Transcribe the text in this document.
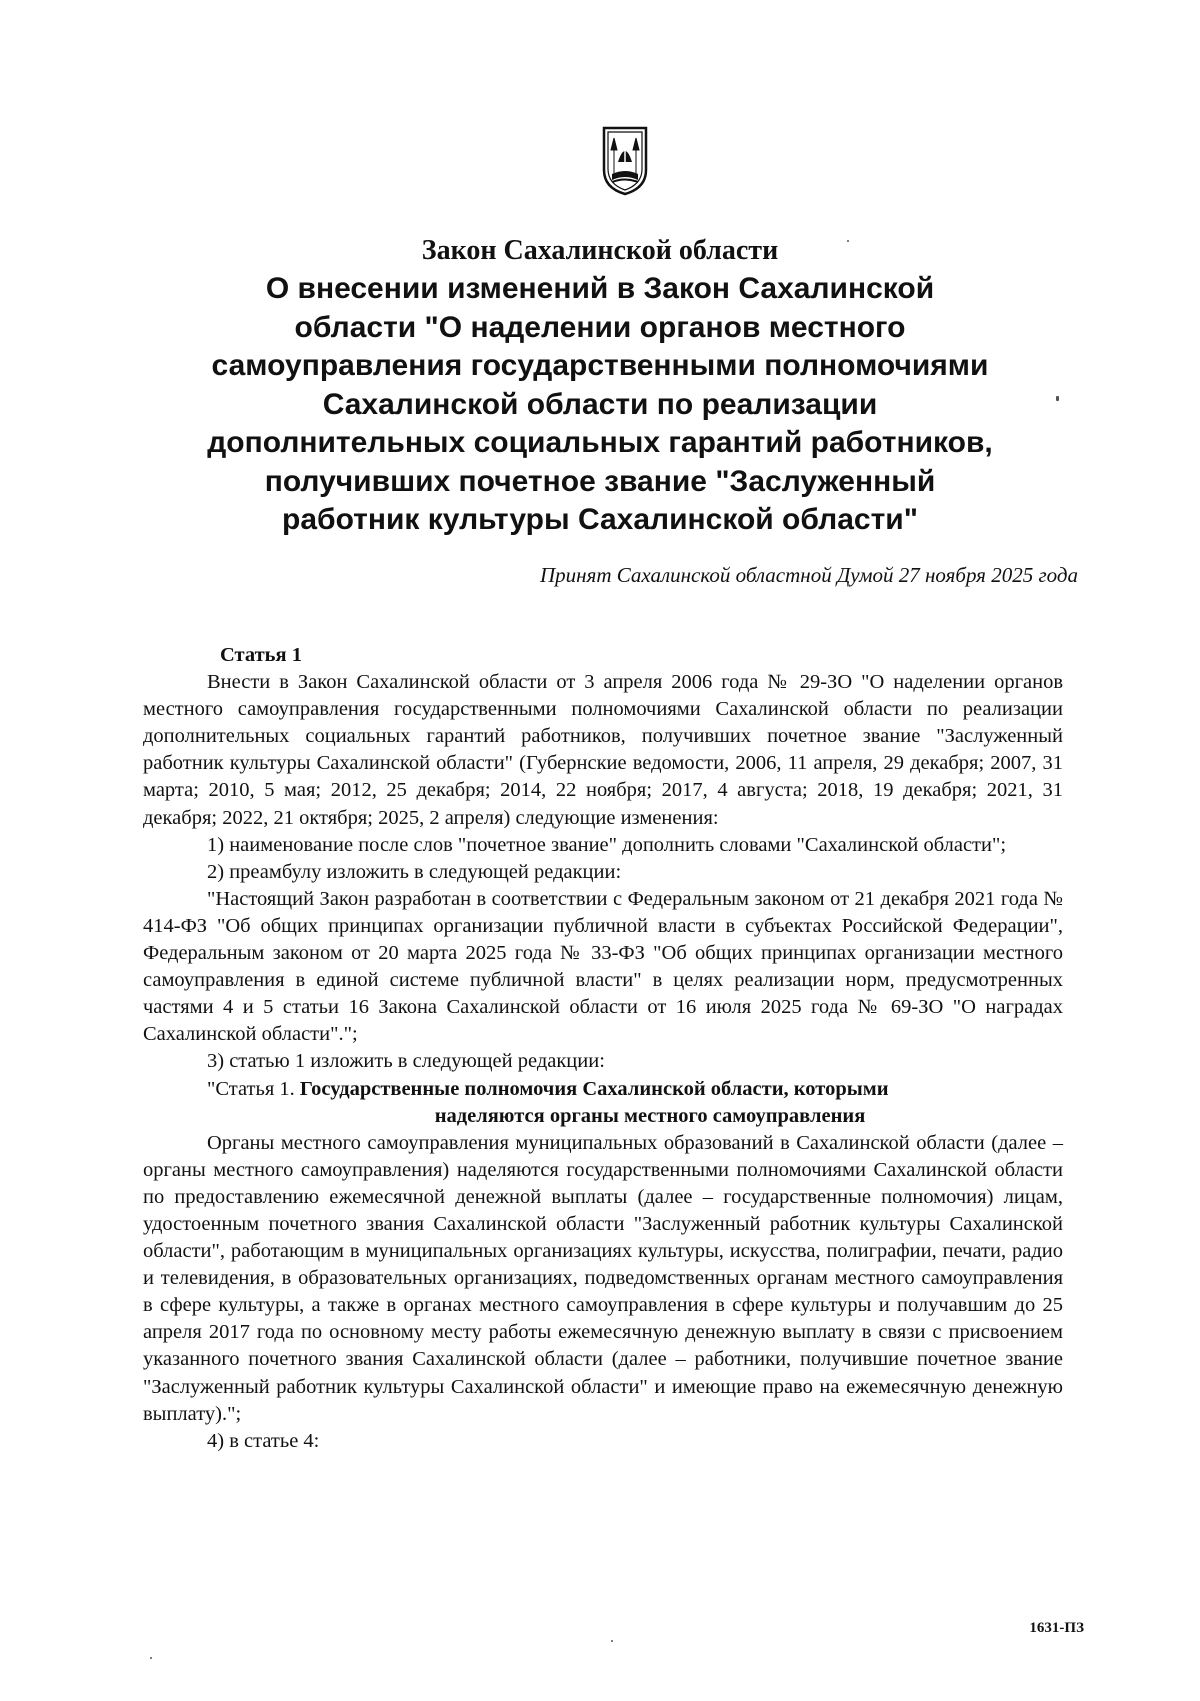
Закон Сахалинской области

О внесении изменений в Закон Сахалинской

области "О наделении органов местного

самоуправления государственными полномочиями

Сахалинской области по реализации

дополнительных социальных гарантий работников,

получивших почетное звание "Заслуженный

работник культуры Сахалинской области"

Принят Сахалинской областной Думой 27 ноября 2025 года

Статья 1

Внести в Закон Сахалинской области от 3 апреля 2006 года № 29-ЗО "О наделении органов местного самоуправления государственными полномочиями Сахалинской области по реализации дополнительных социальных гарантий работников, получивших почетное звание "Заслуженный работник культуры Сахалинской области" (Губернские ведомости, 2006, 11 апреля, 29 декабря; 2007, 31 марта; 2010, 5 мая; 2012, 25 декабря; 2014, 22 ноября; 2017, 4 августа; 2018, 19 декабря; 2021, 31 декабря; 2022, 21 октября; 2025, 2 апреля) следующие изменения:

1) наименование после слов "почетное звание" дополнить словами "Сахалинской области";

2) преамбулу изложить в следующей редакции:

"Настоящий Закон разработан в соответствии с Федеральным законом от 21 декабря 2021 года № 414-ФЗ "Об общих принципах организации публичной власти в субъектах Российской Федерации", Федеральным законом от 20 марта 2025 года № 33-ФЗ "Об общих принципах организации местного самоуправления в единой системе публичной власти" в целях реализации норм, предусмотренных частями 4 и 5 статьи 16 Закона Сахалинской области от 16 июля 2025 года № 69-ЗО "О наградах Сахалинской области".";

3) статью 1 изложить в следующей редакции:

"Статья 1. Государственные полномочия Сахалинской области, которыми
наделяются органы местного самоуправления

Органы местного самоуправления муниципальных образований в Сахалинской области (далее – органы местного самоуправления) наделяются государственными полномочиями Сахалинской области по предоставлению ежемесячной денежной выплаты (далее – государственные полномочия) лицам, удостоенным почетного звания Сахалинской области "Заслуженный работник культуры Сахалинской области", работающим в муниципальных организациях культуры, искусства, полиграфии, печати, радио и телевидения, в образовательных организациях, подведомственных органам местного самоуправления в сфере культуры, а также в органах местного самоуправления в сфере культуры и получавшим до 25 апреля 2017 года по основному месту работы ежемесячную денежную выплату в связи с присвоением указанного почетного звания Сахалинской области (далее – работники, получившие почетное звание "Заслуженный работник культуры Сахалинской области" и имеющие право на ежемесячную денежную выплату).";

4) в статье 4:

1631-ПЗ
